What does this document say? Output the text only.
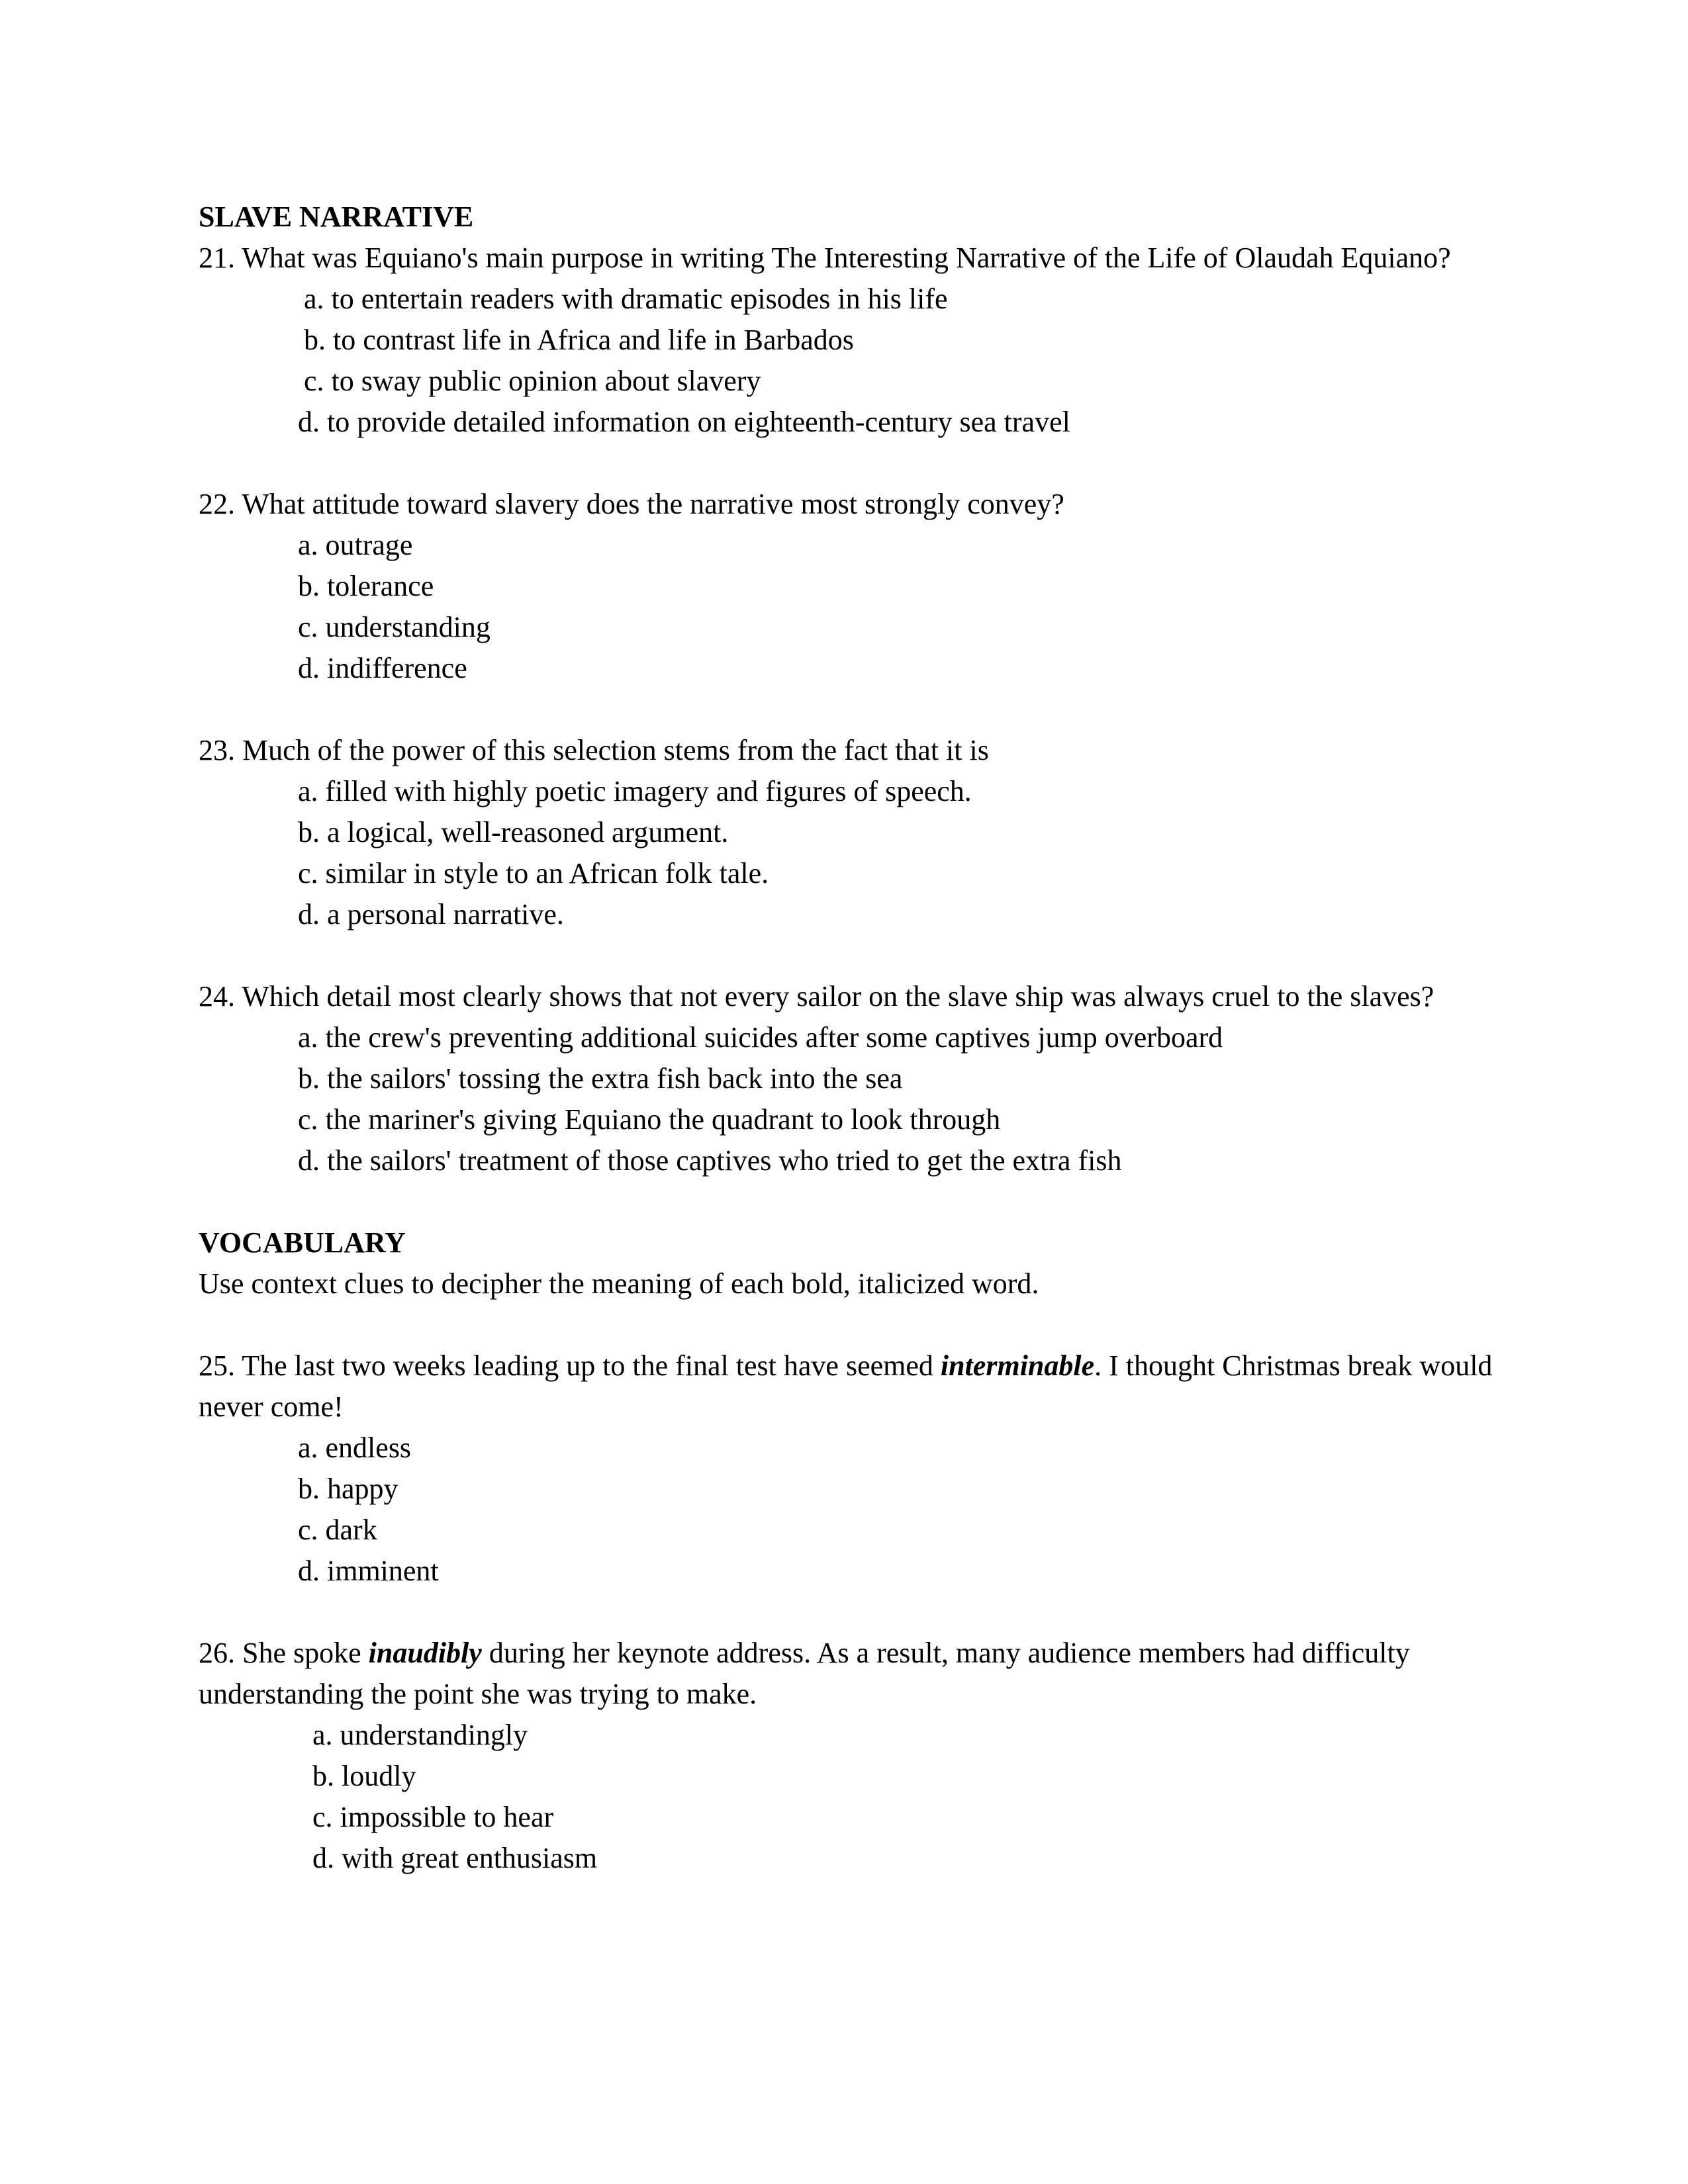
SLAVE NARRATIVE

21. What was Equiano's main purpose in writing The Interesting Narrative of the Life of Olaudah Equiano?

a. to entertain readers with dramatic episodes in his life
b. to contrast life in Africa and life in Barbados
c. to sway public opinion about slavery
d. to provide detailed information on eighteenth-century sea travel

22. What attitude toward slavery does the narrative most strongly convey?

a. outrage
b. tolerance
c. understanding
d. indifference

23. Much of the power of this selection stems from the fact that it is

a. filled with highly poetic imagery and figures of speech.
b. a logical, well-reasoned argument.
c. similar in style to an African folk tale.
d. a personal narrative.

24. Which detail most clearly shows that not every sailor on the slave ship was always cruel to the slaves?

a. the crew's preventing additional suicides after some captives jump overboard
b. the sailors' tossing the extra fish back into the sea
c. the mariner's giving Equiano the quadrant to look through
d. the sailors' treatment of those captives who tried to get the extra fish

VOCABULARY

Use context clues to decipher the meaning of each bold, italicized word.

25. The last two weeks leading up to the final test have seemed interminable. I thought Christmas break would never come!

a. endless
b. happy
c. dark
d. imminent

26. She spoke inaudibly during her keynote address. As a result, many audience members had difficulty understanding the point she was trying to make.

a. understandingly
b. loudly
c. impossible to hear
d. with great enthusiasm
